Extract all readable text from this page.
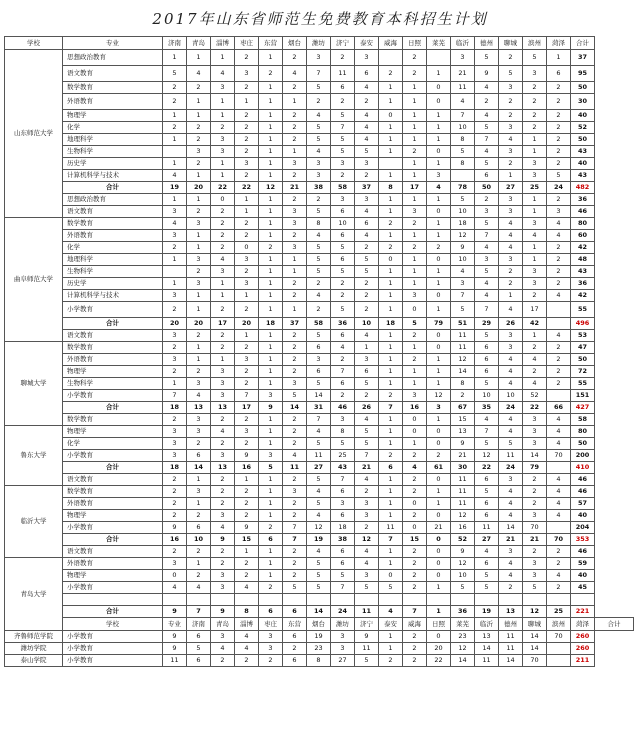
2017年山东省师范生免费教育本科招生计划
学校	专业	济南	青岛	淄博	枣庄	东营	烟台	潍坊	济宁	泰安	威海	日照	莱芜	临沂	德州	聊城	滨州	菏泽	合计	
山东师范大学	思想政治教育	1	1	1	2	1	2	3	2	3		2		3	5	2	5	1	37	
	语文教育	5	4	4	3	2	4	7	11	6	2	2	1	21	9	5	3	6	95	
	数学教育	2	2	3	2	1	2	5	6	4	1	1	0	11	4	3	2	2	50	
	外语教育	2	1	1	1	1	1	2	2	2	1	1	0	4	2	2	2	2	30	
	物理学	1	1	1	2	1	2	4	5	4	0	1	1	7	4	2	2	2	40	
	化学	2	2	2	2	1	2	5	7	4	1	1	1	10	5	3	2	2	52	
	地理科学	1	2	3	2	1	2	5	5	4	1	1	1	8	7	4	1	2	50	
	生物科学		3	3	2	1	1	4	5	5	1	2	0	5	4	3	1	2	43	
	历史学	1	2	1	3	1	3	3	3	3		1	1	8	5	2	3	2	40	
	计算机科学与技术	4	1	1	2	1	2	3	2	2	1	1	3		6	1	3	5	43	
	合计	19	20	22	22	12	21	38	58	37	8	17	4	78	50	27	25	24	482	
	思想政治教育	1	1	0	1	1	2	2	3	3	1	1	1	5	2	3	1	2	36	
	语文教育	3	2	2	1	1	3	5	6	4	1	3	0	10	3	3	1	3	46	
曲阜师范大学	数学教育	4	3	2	2	1	3	8	10	6	2	2	1	18	5	4	3	4	80	
	外语教育	3	1	2	2	1	2	4	6	4	1	1	1	12	7	4	4	4	60	
	化学	2	1	2	0	2	3	5	5	2	2	2	2	9	4	4	1	2	42	
	地理科学	1	3	4	3	1	1	5	6	5	0	1	0	10	3	3	1	2	48	
	生物科学		2	3	2	1	1	5	5	5	1	1	1	4	5	2	3	2	43	
	历史学	1	3	1	3	1	2	2	2	2	1	1	1	3	4	2	3	2	36	
	计算机科学与技术	3	1	1	1	1	2	4	2	2	1	3	0	7	4	1	2	4	42	
	小学教育	2	1	2	2	1	1	2	5	2	1	0	1	5	7	4	17		55	
	合计	20	20	17	20	18	37	58	36	10	18	5	79	51	29	26	42		496	
	语文教育	3	2	2	1	1	2	5	6	4	1	2	0	11	5	3	1	4	53	
聊城大学	数学教育	2	1	2	2	1	2	6	4	1	1	1	0	11	6	3	2	2	47	
	外语教育	3	1	1	3	1	2	3	2	3	1	2	1	12	6	4	4	2	50	
	物理学	2	2	3	2	1	2	6	7	6	1	1	1	14	6	4	2	2	72	
	生物科学	1	3	3	2	1	3	5	6	5	1	1	1	8	5	4	4	2	55	
	小学教育	7	4	3	7	3	5	14	2	2	2	3	12	2	10	10	52		151	
	合计	18	13	13	17	9	14	31	46	26	7	16	3	67	35	24	22	66	427	
	数学教育	2	3	2	2	1	2	7	3	4	1	0	1	15	4	4	3	4	58	
鲁东大学	物理学	3	3	4	3	1	2	4	8	5	1	0	0	13	7	4	3	4	80	
	化学	3	2	2	2	1	2	5	5	5	1	1	0	9	5	5	3	4	50	
	小学教育	3	6	3	9	3	4	11	25	7	2	2	2	21	12	11	14	70	200	
	合计	18	14	13	16	5	11	27	43	21	6	4	61	30	22	24	79		410	
	语文教育	2	1	2	1	1	2	5	7	4	1	2	0	11	6	3	2	4	46	
临沂大学	数学教育	2	3	2	2	1	3	4	6	2	1	2	1	11	5	4	2	4	46	
	外语教育	2	1	2	2	1	2	5	3	3	1	0	1	11	6	4	2	4	57	
	物理学	2	2	3	2	1	2	4	6	3	1	2	0	12	6	4	3	4	40	
	小学教育	9	6	4	9	2	7	12	18	2	11	0	21	16	11	14	70		204	
	合计	16	10	9	15	6	7	19	38	12	7	15	0	52	27	21	21	70	353	
	语文教育	2	2	2	1	1	2	4	6	4	1	2	0	9	4	3	2	2	46	
青岛大学	外语教育	3	1	2	2	1	2	5	6	4	1	2	0	12	6	4	3	2	59	
	物理学	0	2	3	2	1	2	5	5	3	0	2	0	10	5	4	3	4	40	
	小学教育	4	4	3	4	2	5	5	7	5	5	2	1	5	5	2	5	2	45	

	合计	9	7	9	8	6	6	14	24	11	4	7	1	36	19	13	12	25	221	
	学校	专业	济南	青岛	淄博	枣庄	东营	烟台	潍坊	济宁	泰安	威海	日照	莱芜	临沂	德州	聊城	滨州	菏泽	合计
齐鲁师范学院	小学教育	9	6	3	4	3	6	19	3	9	1	2	0	23	13	11	14	70	260	
潍坊学院	小学教育	9	5	4	4	3	2	23	3	11	1	2	20	12	14	11	14		260	
泰山学院	小学教育	11	6	2	2	2	6	8	27	5	2	2	22	14	11	14	70		211	
